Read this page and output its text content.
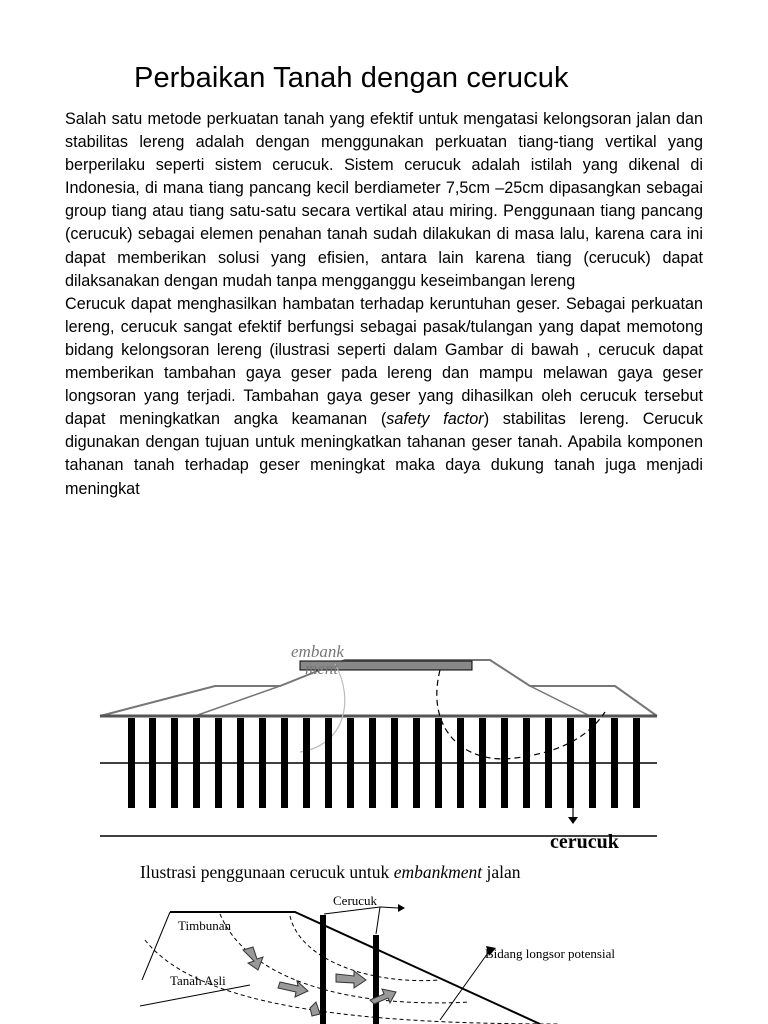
Perbaikan Tanah dengan cerucuk

Salah satu metode perkuatan tanah yang efektif untuk mengatasi kelongsoran jalan dan stabilitas lereng adalah dengan menggunakan perkuatan tiang-tiang vertikal yang berperilaku seperti sistem cerucuk. Sistem cerucuk adalah istilah yang dikenal di Indonesia, di mana tiang pancang kecil berdiameter 7,5cm –25cm dipasangkan sebagai group tiang atau tiang satu-satu secara vertikal atau miring. Penggunaan tiang pancang (cerucuk) sebagai elemen penahan tanah sudah dilakukan di masa lalu, karena cara ini dapat memberikan solusi yang efisien, antara lain karena tiang (cerucuk) dapat dilaksanakan dengan mudah tanpa mengganggu keseimbangan lereng

Cerucuk dapat menghasilkan hambatan terhadap keruntuhan geser. Sebagai perkuatan lereng, cerucuk sangat efektif berfungsi sebagai pasak/tulangan yang dapat memotong bidang kelongsoran lereng (ilustrasi seperti dalam Gambar di bawah , cerucuk dapat memberikan tambahan gaya geser pada lereng dan mampu melawan gaya geser longsoran yang terjadi. Tambahan gaya geser yang dihasilkan oleh cerucuk tersebut dapat meningkatkan angka keamanan (safety factor) stabilitas lereng. Cerucuk digunakan dengan tujuan untuk meningkatkan tahanan geser tanah. Apabila komponen tahanan tanah terhadap geser meningkat maka daya dukung tanah juga menjadi meningkat

embank
ment
cerucuk
Ilustrasi penggunaan cerucuk untuk embankment jalan
Cerucuk
Timbunan
Tanah Asli
Bidang longsor potensial
